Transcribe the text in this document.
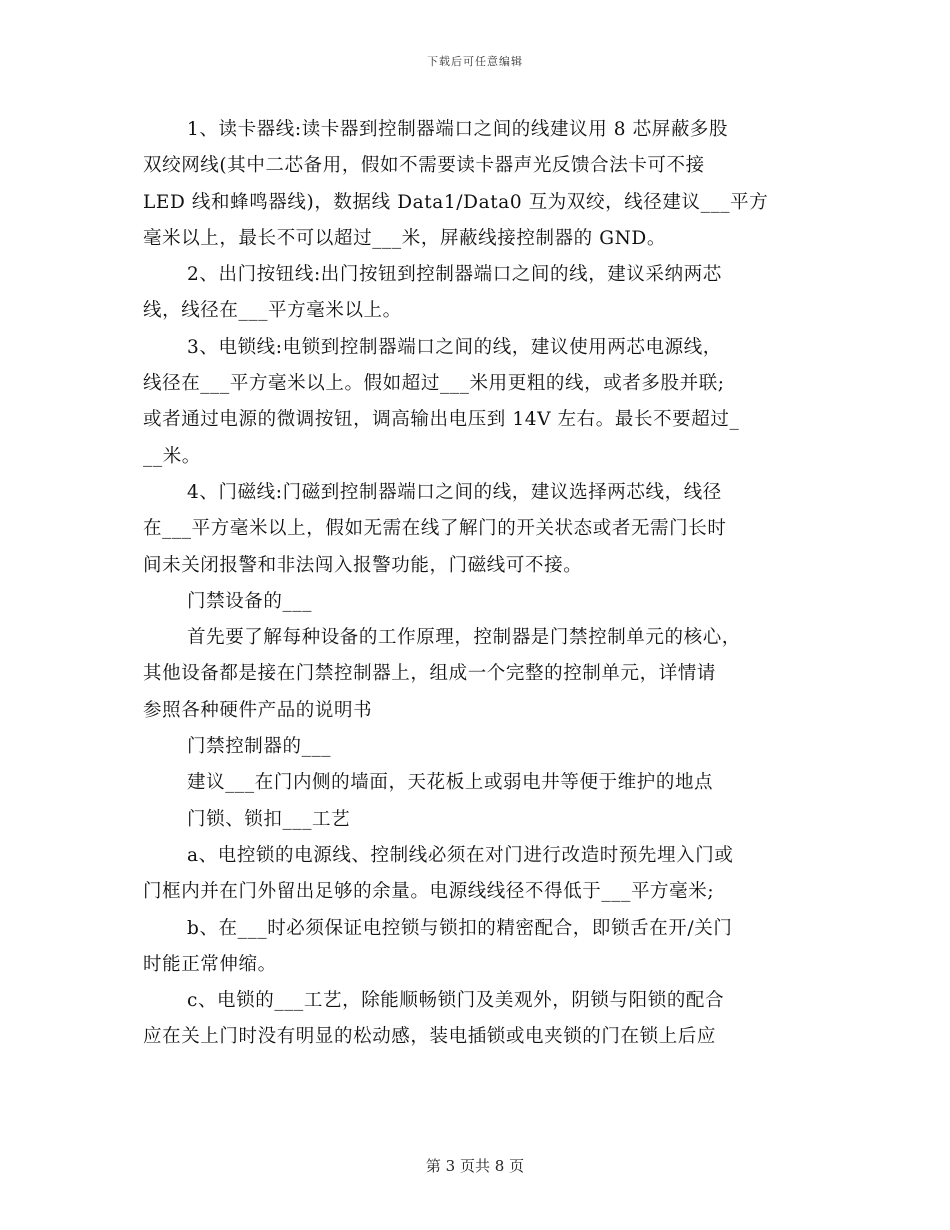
下载后可任意编辑
1、读卡器线:读卡器到控制器端口之间的线建议用 8 芯屏蔽多股
双绞网线(其中二芯备用，假如不需要读卡器声光反馈合法卡可不接
LED 线和蜂鸣器线)，数据线 Data1/Data0 互为双绞，线径建议___平方
毫米以上，最长不可以超过___米，屏蔽线接控制器的 GND。
2、出门按钮线:出门按钮到控制器端口之间的线，建议采纳两芯
线，线径在___平方毫米以上。
3、电锁线:电锁到控制器端口之间的线，建议使用两芯电源线，
线径在___平方毫米以上。假如超过___米用更粗的线，或者多股并联;
或者通过电源的微调按钮，调高输出电压到 14V 左右。最长不要超过_
__米。
4、门磁线:门磁到控制器端口之间的线，建议选择两芯线，线径
在___平方毫米以上，假如无需在线了解门的开关状态或者无需门长时
间未关闭报警和非法闯入报警功能，门磁线可不接。
门禁设备的___
首先要了解每种设备的工作原理，控制器是门禁控制单元的核心，
其他设备都是接在门禁控制器上，组成一个完整的控制单元，详情请
参照各种硬件产品的说明书
门禁控制器的___
建议___在门内侧的墙面，天花板上或弱电井等便于维护的地点
门锁、锁扣___工艺
a、电控锁的电源线、控制线必须在对门进行改造时预先埋入门或
门框内并在门外留出足够的余量。电源线线径不得低于___平方毫米;
b、在___时必须保证电控锁与锁扣的精密配合，即锁舌在开/关门
时能正常伸缩。
c、电锁的___工艺，除能顺畅锁门及美观外，阴锁与阳锁的配合
应在关上门时没有明显的松动感，装电插锁或电夹锁的门在锁上后应
第 3 页共 8 页
